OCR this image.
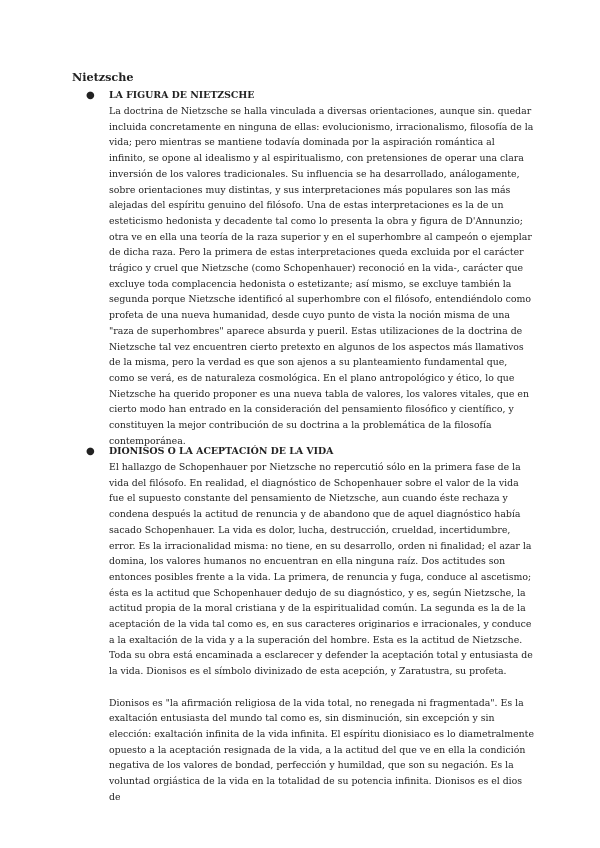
Nietzsche
● LA FIGURA DE NIETZSCHE

La doctrina de Nietzsche se halla vinculada a diversas orientaciones, aunque sin. quedar incluida concretamente en ninguna de ellas: evolucionismo, irracionalismo, filosofía de la vida; pero mientras se mantiene todavía dominada por la aspiración romántica al infinito, se opone al idealismo y al espiritualismo, con pretensiones de operar una clara inversión de los valores tradicionales. Su influencia se ha desarrollado, análogamente, sobre orientaciones muy distintas, y sus interpretaciones más populares son las más alejadas del espíritu genuino del filósofo. Una de estas interpretaciones es la de un esteticismo hedonista y decadente tal como lo presenta la obra y figura de D'Annunzio; otra ve en ella una teoría de la raza superior y en el superhombre al campeón o ejemplar de dicha raza. Pero la primera de estas interpretaciones queda excluida por el carácter trágico y cruel que Nietzsche (como Schopenhauer) reconoció en la vida-, carácter que excluye toda complacencia hedonista o estetizante; así mismo, se excluye también la segunda porque Nietzsche identificó al superhombre con el filósofo, entendiéndolo como profeta de una nueva humanidad, desde cuyo punto de vista la noción misma de una "raza de superhombres" aparece absurda y pueril. Estas utilizaciones de la doctrina de Nietzsche tal vez encuentren cierto pretexto en algunos de los aspectos más llamativos de la misma, pero la verdad es que son ajenos a su planteamiento fundamental que, como se verá, es de naturaleza cosmológica. En el plano antropológico y ético, lo que Nietzsche ha querido proponer es una nueva tabla de valores, los valores vitales, que en cierto modo han entrado en la consideración del pensamiento filosófico y científico, y constituyen la mejor contribución de su doctrina a la problemática de la filosofía contemporánea.

● DIONISOS O LA ACEPTACIÓN DE LA VIDA

El hallazgo de Schopenhauer por Nietzsche no repercutió sólo en la primera fase de la vida del filósofo. En realidad, el diagnóstico de Schopenhauer sobre el valor de la vida fue el supuesto constante del pensamiento de Nietzsche, aun cuando éste rechaza y condena después la actitud de renuncia y de abandono que de aquel diagnóstico había sacado Schopenhauer. La vida es dolor, lucha, destrucción, crueldad, incertidumbre, error. Es la irracionalidad misma: no tiene, en su desarrollo, orden ni finalidad; el azar la domina, los valores humanos no encuentran en ella ninguna raíz. Dos actitudes son entonces posibles frente a la vida. La primera, de renuncia y fuga, conduce al ascetismo; ésta es la actitud que Schopenhauer dedujo de su diagnóstico, y es, según Nietzsche, la actitud propia de la moral cristiana y de la espiritualidad común. La segunda es la de la aceptación de la vida tal como es, en sus caracteres originarios e irracionales, y conduce a la exaltación de la vida y a la superación del hombre. Esta es la actitud de Nietzsche. Toda su obra está encaminada a esclarecer y defender la aceptación total y entusiasta de la vida. Dionisos es el símbolo divinizado de esta acepción, y Zaratustra, su profeta.

Dionisos es "la afirmación religiosa de la vida total, no renegada ni fragmentada". Es la exaltación entusiasta del mundo tal como es, sin disminución, sin excepción y sin elección: exaltación infinita de la vida infinita. El espíritu dionisiaco es lo diametralmente opuesto a la aceptación resignada de la vida, a la actitud del que ve en ella la condición negativa de los valores de bondad, perfección y humildad, que son su negación. Es la voluntad orgiástica de la vida en la totalidad de su potencia infinita. Dionisos es el dios de
